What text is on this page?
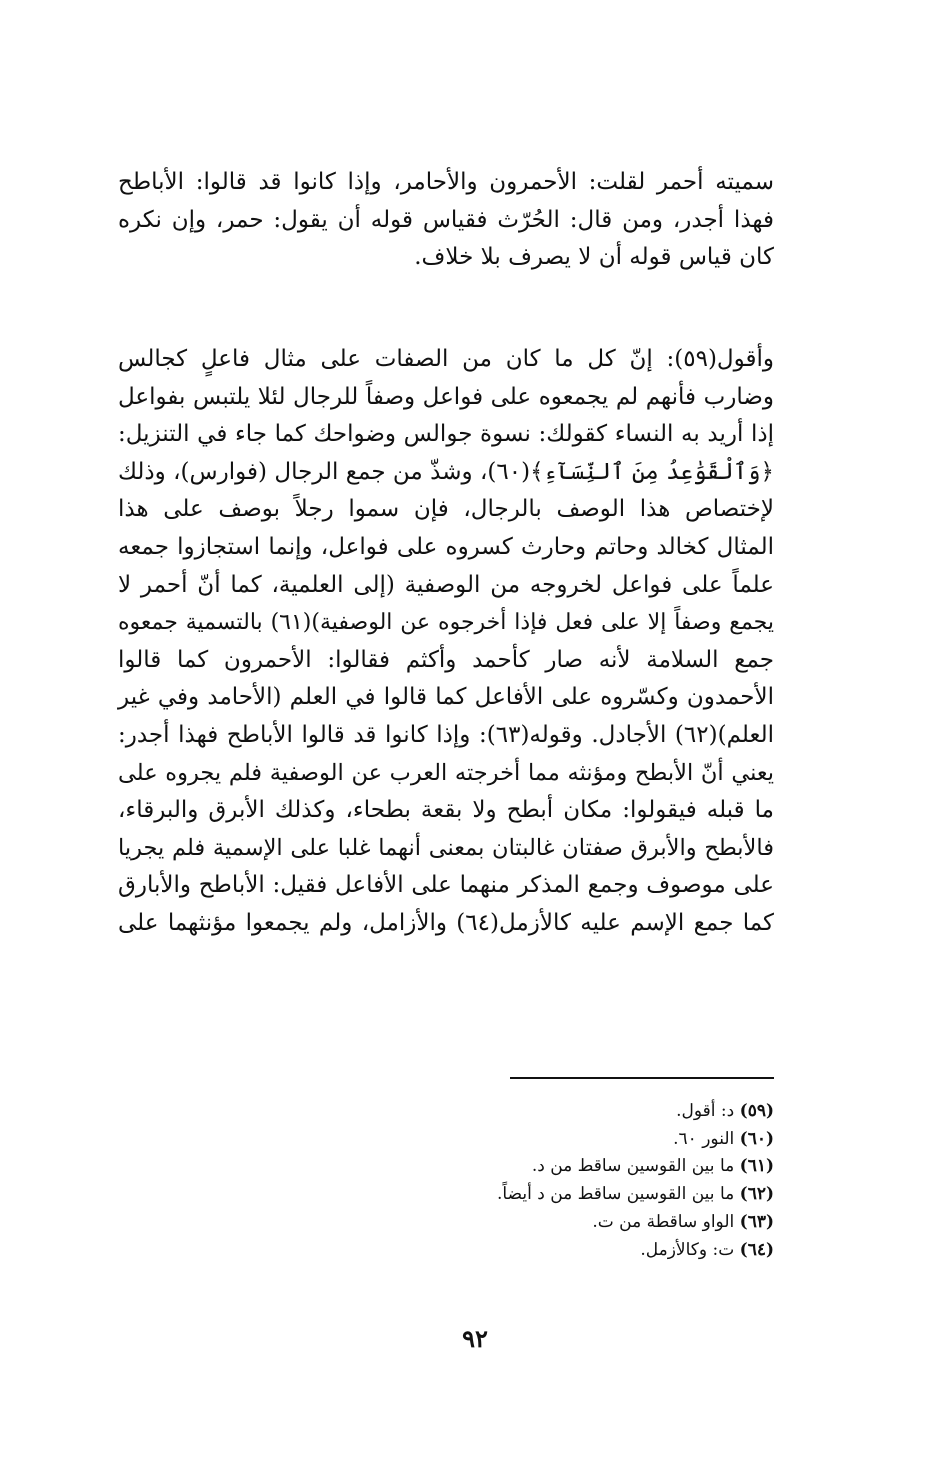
سميته أحمر لقلت: الأحمرون والأحامر، وإذا كانوا قد قالوا: الأباطح
فهذا أجدر، ومن قال: الحُرّث فقياس قوله أن يقول: حمر، وإن نكره
كان قياس قوله أن لا يصرف بلا خلاف.
وأقول(٥٩): إنّ كل ما كان من الصفات على مثال فاعلٍ كجالس
وضارب فأنهم لم يجمعوه على فواعل وصفاً للرجال لئلا يلتبس بفواعل
إذا أريد به النساء كقولك: نسوة جوالس وضواحك كما جاء في التنزيل:
﴿وَٱلْقَوَٰعِدُ مِنَ ٱلنِّسَآءِ﴾(٦٠)، وشذّ من جمع الرجال (فوارس)، وذلك
لإختصاص هذا الوصف بالرجال، فإن سموا رجلاً بوصف على هذا
المثال كخالد وحاتم وحارث كسروه على فواعل، وإنما استجازوا جمعه
علماً على فواعل لخروجه من الوصفية (إلى العلمية، كما أنّ أحمر لا
يجمع وصفاً إلا على فعل فإذا أخرجوه عن الوصفية)(٦١) بالتسمية جمعوه
جمع السلامة لأنه صار كأحمد وأكثم فقالوا: الأحمرون كما قالوا
الأحمدون وكسّروه على الأفاعل كما قالوا في العلم (الأحامد وفي غير
العلم)(٦٢) الأجادل. وقوله(٦٣): وإذا كانوا قد قالوا الأباطح فهذا أجدر:
يعني أنّ الأبطح ومؤنثه مما أخرجته العرب عن الوصفية فلم يجروه على
ما قبله فيقولوا: مكان أبطح ولا بقعة بطحاء، وكذلك الأبرق والبرقاء،
فالأبطح والأبرق صفتان غالبتان بمعنى أنهما غلبا على الإسمية فلم يجريا
على موصوف وجمع المذكر منهما على الأفاعل فقيل: الأباطح والأبارق
كما جمع الإسم عليه كالأزمل(٦٤) والأزامل، ولم يجمعوا مؤنثهما على
(٥٩) د: أقول.
(٦٠) النور ٦٠.
(٦١) ما بين القوسين ساقط من د.
(٦٢) ما بين القوسين ساقط من د أيضاً.
(٦٣) الواو ساقطة من ت.
(٦٤) ت: وكالأزمل.
٩٢
